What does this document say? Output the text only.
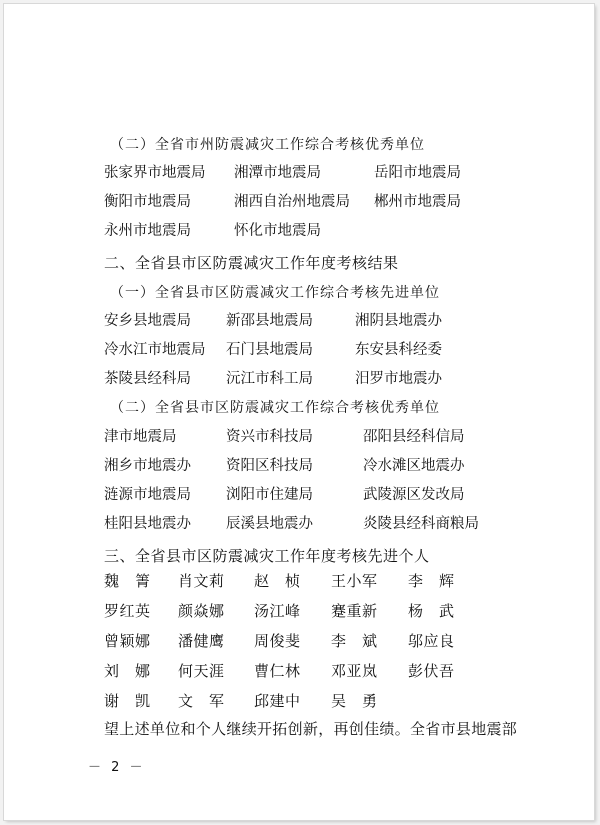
（二）全省市州防震减灾工作综合考核优秀单位
张家界市地震局 湘潭市地震局	岳阳市地震局
衡阳市地震局	湘西自治州地震局 郴州市地震局
永州市地震局	怀化市地震局
二、全省县市区防震减灾工作年度考核结果
（一）全省县市区防震减灾工作综合考核先进单位
安乡县地震局 新邵县地震局	湘阴县地震办
冷水江市地震局 石门县地震局	东安县科经委
茶陵县经科局 沅江市科工局	汨罗市地震办
（二）全省县市区防震减灾工作综合考核优秀单位
津市地震局	资兴市科技局	邵阳县经科信局
湘乡市地震办 资阳区科技局	冷水滩区地震办
涟源市地震局 浏阳市住建局	武陵源区发改局
桂阳县地震办 辰溪县地震办	炎陵县经科商粮局
三、全省县市区防震减灾工作年度考核先进个人
魏　箐 肖文莉 赵　桢 王小军 李　辉
罗红英 颜焱娜 汤江峰 蹇重新 杨　武
曾颖娜 潘健鹰 周俊斐 李　斌 邬应良
刘　娜 何天涯 曹仁林 邓亚岚 彭伏吾
谢　凯 文　军 邱建中 吴　勇
望上述单位和个人继续开拓创新，再创佳绩。全省市县地震部
－ 2 －
